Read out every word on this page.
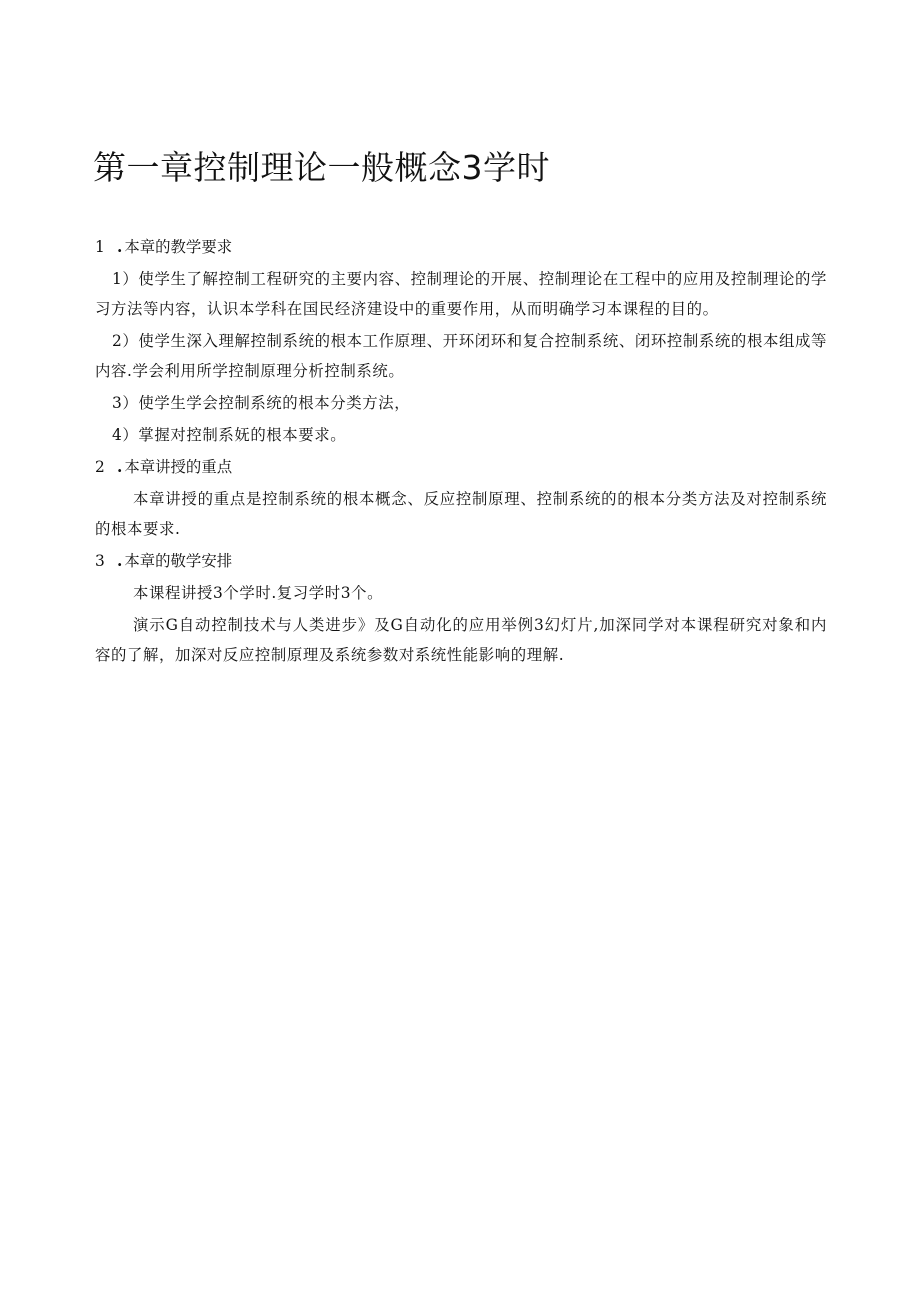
第一章控制理论一般概念3学时
1 . 本章的教学要求
1）使学生了解控制工程研究的主要内容、控制理论的开展、控制理论在工程中的应用及控制理论的学习方法等内容，认识本学科在国民经济建设中的重要作用，从而明确学习本课程的目的。
2）使学生深入理解控制系统的根本工作原理、开环闭环和复合控制系统、闭环控制系统的根本组成等内容.学会利用所学控制原理分析控制系统。
3）使学生学会控制系统的根本分类方法，
4）掌握对控制系妩的根本要求。
2 . 本章讲授的重点
本章讲授的重点是控制系统的根本概念、反应控制原理、控制系统的的根本分类方法及对控制系统的根本要求.
3 . 本章的敬学安排
本课程讲授3个学时.复习学时3个。
演示G自动控制技术与人类进步》及G自动化的应用举例3幻灯片,加深同学对本课程研究对象和内容的了解，加深对反应控制原理及系统参数对系统性能影响的理解.
